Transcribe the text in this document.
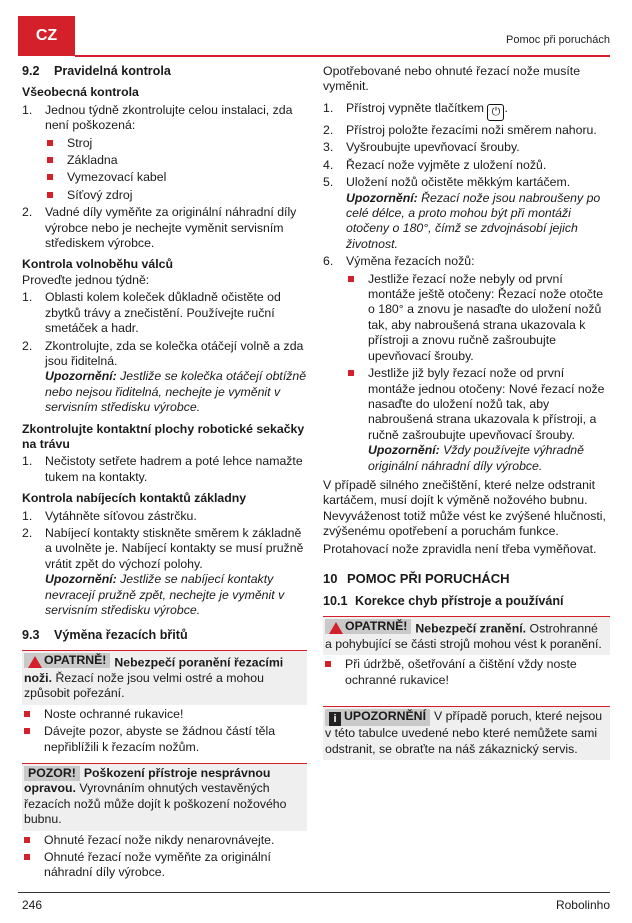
CZ	Pomoc při poruchách
9.2 Pravidelná kontrola
Všeobecná kontrola
1. Jednou týdně zkontrolujte celou instalaci, zda není poškozená:
Stroj
Základna
Vymezovací kabel
Síťový zdroj
2. Vadné díly vyměňte za originální náhradní díly výrobce nebo je nechejte vyměnit servisním střediskem výrobce.
Kontrola volnoběhu válců

Proveďte jednou týdně:

1. Oblasti kolem koleček důkladně očistěte od zbytků trávy a znečistění. Používejte ruční smetáček a hadr.
2. Zkontrolujte, zda se kolečka otáčejí volně a zda jsou řiditelná.
Upozornění: Jestliže se kolečka otáčejí obtížně nebo nejsou řiditelná, nechejte je vyměnit v servisním středisku výrobce.
Zkontrolujte kontaktní plochy robotické sekačky na trávu
1. Nečistoty setřete hadrem a poté lehce namažte tukem na kontakty.
Kontrola nabíjecích kontaktů základny
1. Vytáhněte síťovou zástrčku.
2. Nabíjecí kontakty stiskněte směrem k základně a uvolněte je. Nabíjecí kontakty se musí pružně vrátit zpět do výchozí polohy.
Upozornění: Jestliže se nabíjecí kontakty nevracejí pružně zpět, nechejte je vyměnit v servisním středisku výrobce.
9.3 Výměna řezacích břitů
OPATRNĚ! Nebezpečí poranění řezacími noži. Řezací nože jsou velmi ostré a mohou způsobit pořezání.
Noste ochranné rukavice!
Dávejte pozor, abyste se žádnou částí těla nepřiblížili k řezacím nožům.
POZOR! Poškození přístroje nesprávnou opravou. Vyrovnáním ohnutých vestavěných řezacích nožů může dojít k poškození nožového bubnu.
Ohnuté řezací nože nikdy nenarovnávejte.
Ohnuté řezací nože vyměňte za originální náhradní díly výrobce.

Opotřebované nebo ohnuté řezací nože musíte vyměnit.

1. Přístroj vypněte tlačítkem ⏻ .
2. Přístroj položte řezacími noži směrem nahoru.
3. Vyšroubujte upevňovací šrouby.
4. Řezací nože vyjměte z uložení nožů.
5. Uložení nožů očistěte měkkým kartáčem.
Upozornění: Řezací nože jsou nabroušeny po celé délce, a proto mohou být při montáži otočeny o 180°, čímž se zdvojnásobí jejich životnost.
6. Výměna řezacích nožů:
Jestliže řezací nože nebyly od první montáže ještě otočeny: Řezací nože otočte o 180° a znovu je nasaďte do uložení nožů tak, aby nabroušená strana ukazovala k přístroji a znovu ručně zašroubujte upevňovací šrouby.
Jestliže již byly řezací nože od první montáže jednou otočeny: Nové řezací nože nasaďte do uložení nožů tak, aby nabroušená strana ukazovala k přístroji, a ručně zašroubujte upevňovací šrouby.
Upozornění: Vždy používejte výhradně originální náhradní díly výrobce.

V případě silného znečištění, které nelze odstranit kartáčem, musí dojít k výměně nožového bubnu. Nevyváženost totiž může vést ke zvýšené hlučnosti, zvýšenému opotřebení a poruchám funkce.

Protahovací nože zpravidla není třeba vyměňovat.

10 POMOC PŘI PORUCHÁCH
10.1 Korekce chyb přístroje a používání
OPATRNĚ! Nebezpečí zranění. Ostrohranné a pohybující se části strojů mohou vést k poranění.
Při údržbě, ošetřování a čištění vždy noste ochranné rukavice!
i UPOZORNĚNÍ V případě poruch, které nejsou v této tabulce uvedené nebo které nemůžete sami odstranit, se obraťte na náš zákaznický servis.
246	Robolinho
